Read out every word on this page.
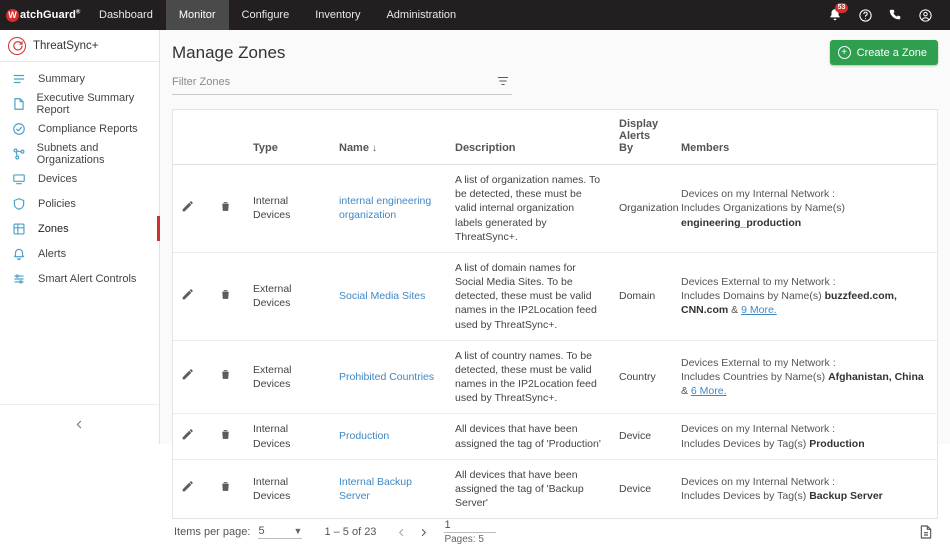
W atchGuard®	Dashboard	Monitor	Configure	Inventory	Administration
53
ThreatSync+
Summary
Executive Summary Report
Compliance Reports
Subnets and Organizations
Devices
Policies
Zones
Alerts
Smart Alert Controls
Manage Zones	+ Create a Zone
Filter Zones
		Type	Name ↓	Description	Display Alerts By	Members

	Internal Devices	internal engineering organization	A list of organization names. To be detected, these must be valid internal organization labels generated by ThreatSync+.	Organization	Devices on my Internal Network :
Includes Organizations by Name(s) engineering_production

	External Devices	Social Media Sites	A list of domain names for Social Media Sites. To be detected, these must be valid names in the IP2Location feed used by ThreatSync+.	Domain	Devices External to my Network :
Includes Domains by Name(s) buzzfeed.com, CNN.com & 9 More.

	External Devices	Prohibited Countries	A list of country names. To be detected, these must be valid names in the IP2Location feed used by ThreatSync+.	Country	Devices External to my Network :
Includes Countries by Name(s) Afghanistan, China & 6 More.

	Internal Devices	Production	All devices that have been assigned the tag of 'Production'	Device	Devices on my Internal Network :
Includes Devices by Tag(s) Production

	Internal Devices	Internal Backup Server	All devices that have been assigned the tag of 'Backup Server'	Device	Devices on my Internal Network :
Includes Devices by Tag(s) Backup Server
Items per page: 5	▼ 1 – 5 of 23
1
Pages: 5
